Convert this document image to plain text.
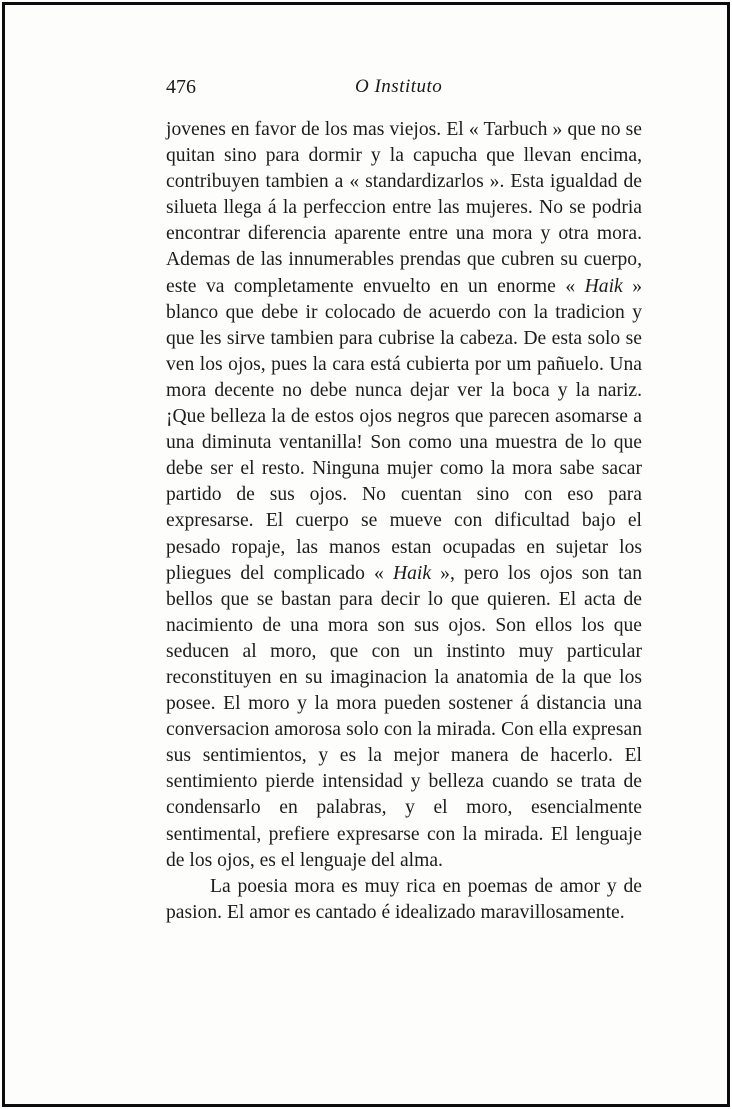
476	O Instituto

jovenes en favor de los mas viejos. El « Tarbuch » que no se quitan sino para dormir y la capucha que llevan encima, contribuyen tambien a « standardizarlos ». Esta igualdad de silueta llega á la perfeccion entre las mujeres. No se podria encontrar diferencia aparente entre una mora y otra mora. Ademas de las innumerables prendas que cubren su cuerpo, este va completamente envuelto en un enorme « Haik » blanco que debe ir colocado de acuerdo con la tradicion y que les sirve tambien para cubrise la cabeza. De esta solo se ven los ojos, pues la cara está cubierta por um pañuelo. Una mora decente no debe nunca dejar ver la boca y la nariz. ¡Que belleza la de estos ojos negros que parecen asomarse a una diminuta ventanilla! Son como una muestra de lo que debe ser el resto. Ninguna mujer como la mora sabe sacar partido de sus ojos. No cuentan sino con eso para expresarse. El cuerpo se mueve con dificultad bajo el pesado ropaje, las manos estan ocupadas en sujetar los pliegues del complicado « Haik », pero los ojos son tan bellos que se bastan para decir lo que quieren. El acta de nacimiento de una mora son sus ojos. Son ellos los que seducen al moro, que con un instinto muy particular reconstituyen en su imaginacion la anatomia de la que los posee. El moro y la mora pueden sostener á distancia una conversacion amorosa solo con la mirada. Con ella expresan sus sentimientos, y es la mejor manera de hacerlo. El sentimiento pierde intensidad y belleza cuando se trata de condensarlo en palabras, y el moro, esencialmente sentimental, prefiere expresarse con la mirada. El lenguaje de los ojos, es el lenguaje del alma.

La poesia mora es muy rica en poemas de amor y de pasion. El amor es cantado é idealizado maravillosamente.
